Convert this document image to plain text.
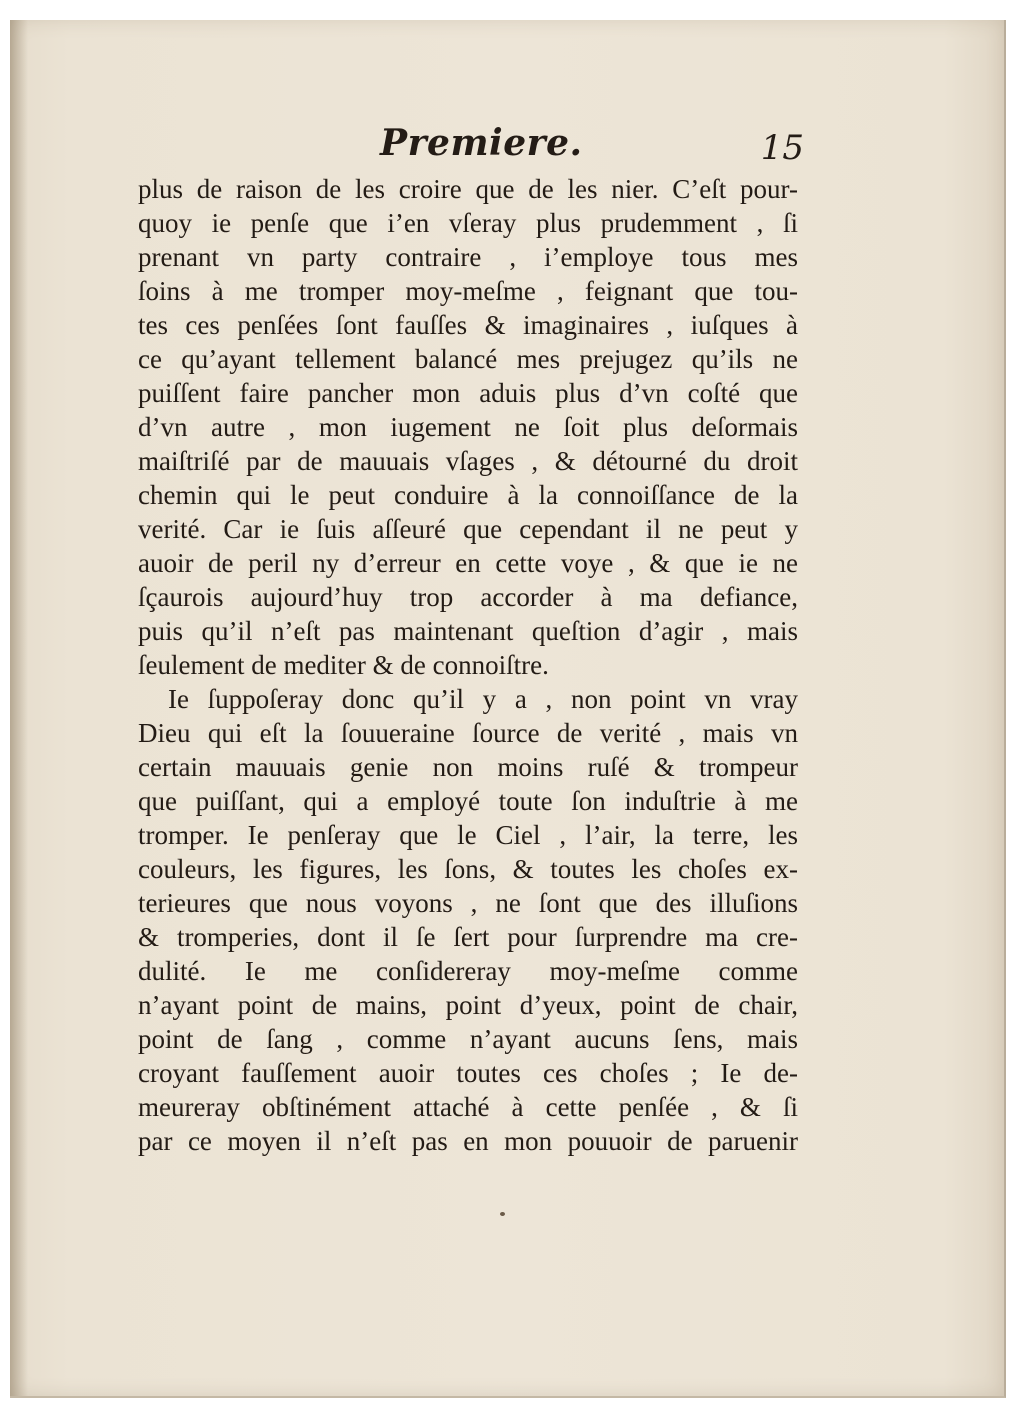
Premiere.	15
plus de raison de les croire que de les nier. C’eſt pour-
quoy ie penſe que i’en vſeray plus prudemment , ſi
prenant vn party contraire , i’employe tous mes
ſoins à me tromper moy-meſme , feignant que tou-
tes ces penſées ſont fauſſes & imaginaires , iuſques à
ce qu’ayant tellement balancé mes prejugez qu’ils ne
puiſſent faire pancher mon aduis plus d’vn coſté que
d’vn autre , mon iugement ne ſoit plus deſormais
maiſtriſé par de mauuais vſages , & détourné du droit
chemin qui le peut conduire à la connoiſſance de la
verité. Car ie ſuis aſſeuré que cependant il ne peut y
auoir de peril ny d’erreur en cette voye , & que ie ne
ſçaurois aujourd’huy trop accorder à ma defiance,
puis qu’il n’eſt pas maintenant queſtion d’agir , mais
ſeulement de mediter & de connoiſtre.
Ie ſuppoſeray donc qu’il y a , non point vn vray
Dieu qui eſt la ſouueraine ſource de verité , mais vn
certain mauuais genie non moins ruſé & trompeur
que puiſſant, qui a employé toute ſon induſtrie à me
tromper. Ie penſeray que le Ciel , l’air, la terre, les
couleurs, les figures, les ſons, & toutes les choſes ex-
terieures que nous voyons , ne ſont que des illuſions
& tromperies, dont il ſe ſert pour ſurprendre ma cre-
dulité. Ie me conſidereray moy-meſme comme
n’ayant point de mains, point d’yeux, point de chair,
point de ſang , comme n’ayant aucuns ſens, mais
croyant fauſſement auoir toutes ces choſes ; Ie de-
meureray obſtinément attaché à cette penſée , & ſi
par ce moyen il n’eſt pas en mon pouuoir de paruenir
